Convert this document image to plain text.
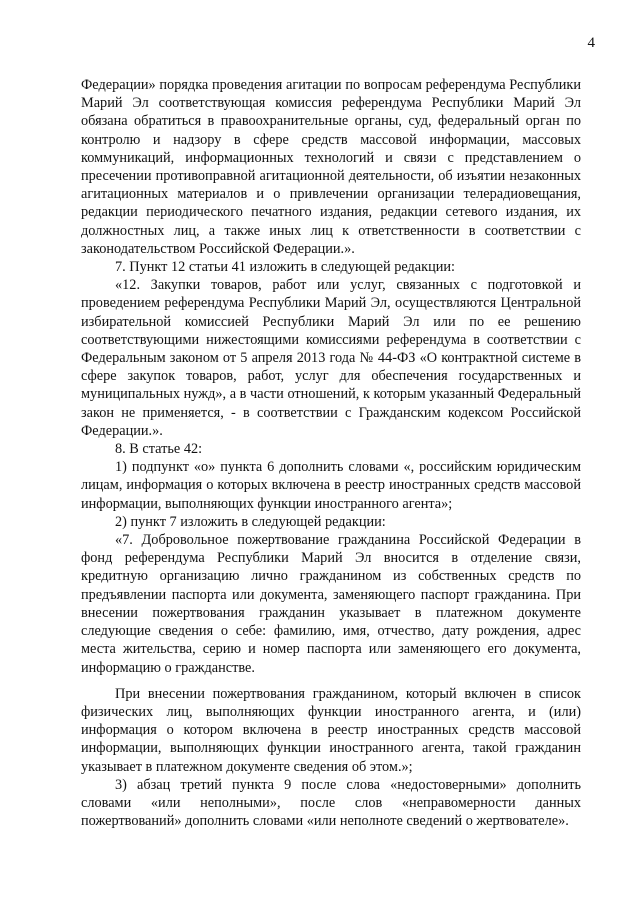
4

Федерации» порядка проведения агитации по вопросам референдума Республики Марий Эл соответствующая комиссия референдума Республики Марий Эл обязана обратиться в правоохранительные органы, суд, федеральный орган по контролю и надзору в сфере средств массовой информации, массовых коммуникаций, информационных технологий и связи с представлением о пресечении противоправной агитационной деятельности, об изъятии незаконных агитационных материалов и о привлечении организации телерадиовещания, редакции периодического печатного издания, редакции сетевого издания, их должностных лиц, а также иных лиц к ответственности в соответствии с законодательством Российской Федерации.».

7. Пункт 12 статьи 41 изложить в следующей редакции:

«12. Закупки товаров, работ или услуг, связанных с подготовкой и проведением референдума Республики Марий Эл, осуществляются Центральной избирательной комиссией Республики Марий Эл или по ее решению соответствующими нижестоящими комиссиями референдума в соответствии с Федеральным законом от 5 апреля 2013 года № 44-ФЗ «О контрактной системе в сфере закупок товаров, работ, услуг для обеспечения государственных и муниципальных нужд», а в части отношений, к которым указанный Федеральный закон не применяется, - в соответствии с Гражданским кодексом Российской Федерации.».

8. В статье 42:

1) подпункт «о» пункта 6 дополнить словами «, российским юридическим лицам, информация о которых включена в реестр иностранных средств массовой информации, выполняющих функции иностранного агента»;

2) пункт 7 изложить в следующей редакции:

«7. Добровольное пожертвование гражданина Российской Федерации в фонд референдума Республики Марий Эл вносится в отделение связи, кредитную организацию лично гражданином из собственных средств по предъявлении паспорта или документа, заменяющего паспорт гражданина. При внесении пожертвования гражданин указывает в платежном документе следующие сведения о себе: фамилию, имя, отчество, дату рождения, адрес места жительства, серию и номер паспорта или заменяющего его документа, информацию о гражданстве.

При внесении пожертвования гражданином, который включен в список физических лиц, выполняющих функции иностранного агента, и (или) информация о котором включена в реестр иностранных средств массовой информации, выполняющих функции иностранного агента, такой гражданин указывает в платежном документе сведения об этом.»;

3) абзац третий пункта 9 после слова «недостоверными» дополнить словами «или неполными», после слов «неправомерности данных пожертвований» дополнить словами «или неполноте сведений о жертвователе».
